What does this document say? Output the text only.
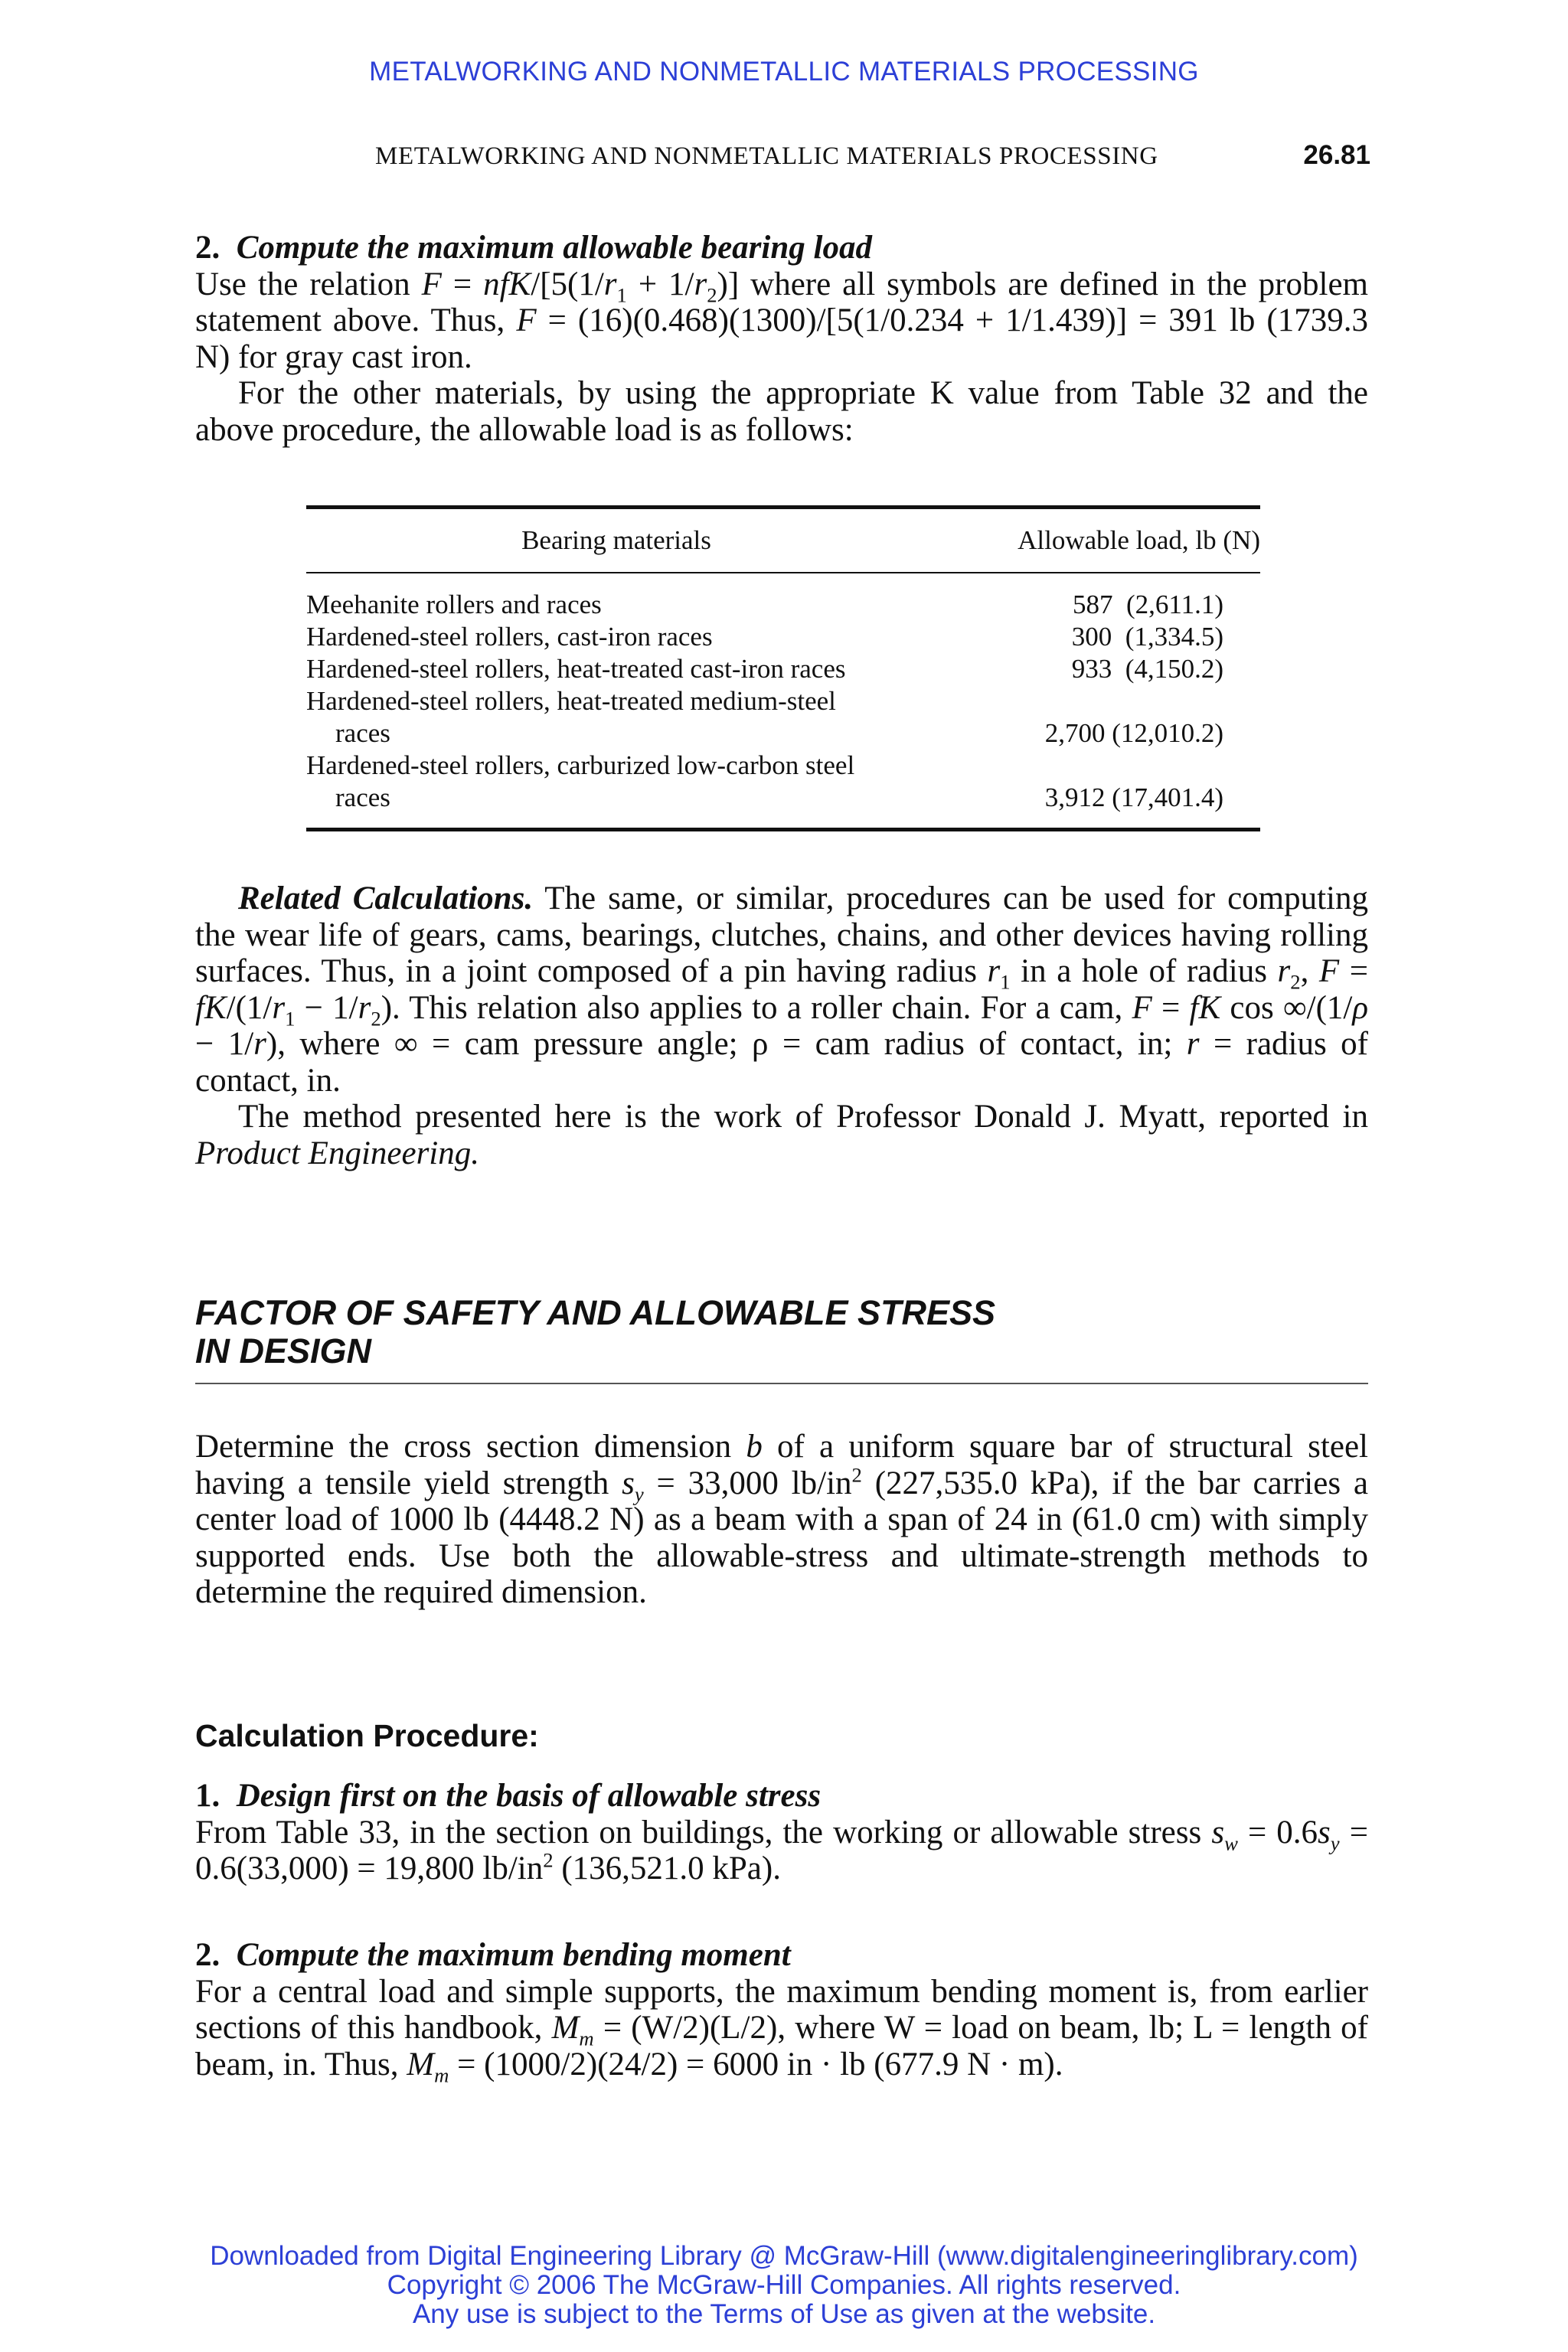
METALWORKING AND NONMETALLIC MATERIALS PROCESSING
METALWORKING AND NONMETALLIC MATERIALS PROCESSING	26.81
2. Compute the maximum allowable bearing load
Use the relation F = nfK/$[5(1/r_1 + 1/r_2)]$ where all symbols are defined in the problem statement above. Thus, F = (16)(0.468)(1300)/[5(1/0.234 + 1/1.439)] = 391 lb (1739.3 N) for gray cast iron.
For the other materials, by using the appropriate K value from Table 32 and the above procedure, the allowable load is as follows:
Bearing materials	Allowable load, lb (N)
Meehanite rollers and races	587  (2,611.1)
Hardened-steel rollers, cast-iron races	300  (1,334.5)
Hardened-steel rollers, heat-treated cast-iron races	933  (4,150.2)
Hardened-steel rollers, heat-treated medium-steel
races	2,700 (12,010.2)
Hardened-steel rollers, carburized low-carbon steel
races	3,912 (17,401.4)
Related Calculations. The same, or similar, procedures can be used for computing the wear life of gears, cams, bearings, clutches, chains, and other devices having rolling surfaces. Thus, in a joint composed of a pin having radius $r_1$ in a hole of radius $r_2$, $F = fK/(1/r_1 - 1/r_2)$. This relation also applies to a roller chain. For a cam, F = fK cos ∞/(1/ρ − 1/r), where ∞ = cam pressure angle; ρ = cam radius of contact, in; r = radius of contact, in.
The method presented here is the work of Professor Donald J. Myatt, reported in Product Engineering.
FACTOR OF SAFETY AND ALLOWABLE STRESS
IN DESIGN
Determine the cross section dimension b of a uniform square bar of structural steel having a tensile yield strength $s_y = 33,000$ $lb/in^2$ (227,535.0 kPa), if the bar carries a center load of 1000 lb (4448.2 N) as a beam with a span of 24 in (61.0 cm) with simply supported ends. Use both the allowable-stress and ultimate-strength methods to determine the required dimension.
Calculation Procedure:
1. Design first on the basis of allowable stress
From Table 33, in the section on buildings, the working or allowable stress $s_w = 0.6s_y = 0.6(33,000) = 19,800$ $lb/in^2$ (136,521.0 kPa).
2. Compute the maximum bending moment
For a central load and simple supports, the maximum bending moment is, from earlier sections of this handbook, $M_m = (W/2)(L/2)$, where W = load on beam, lb; L = length of beam, in. Thus, $M_m = (1000/2)(24/2) = 6000$ in · lb (677.9 N · m).
Downloaded from Digital Engineering Library @ McGraw-Hill (www.digitalengineeringlibrary.com)
Copyright © 2006 The McGraw-Hill Companies. All rights reserved.
Any use is subject to the Terms of Use as given at the website.
